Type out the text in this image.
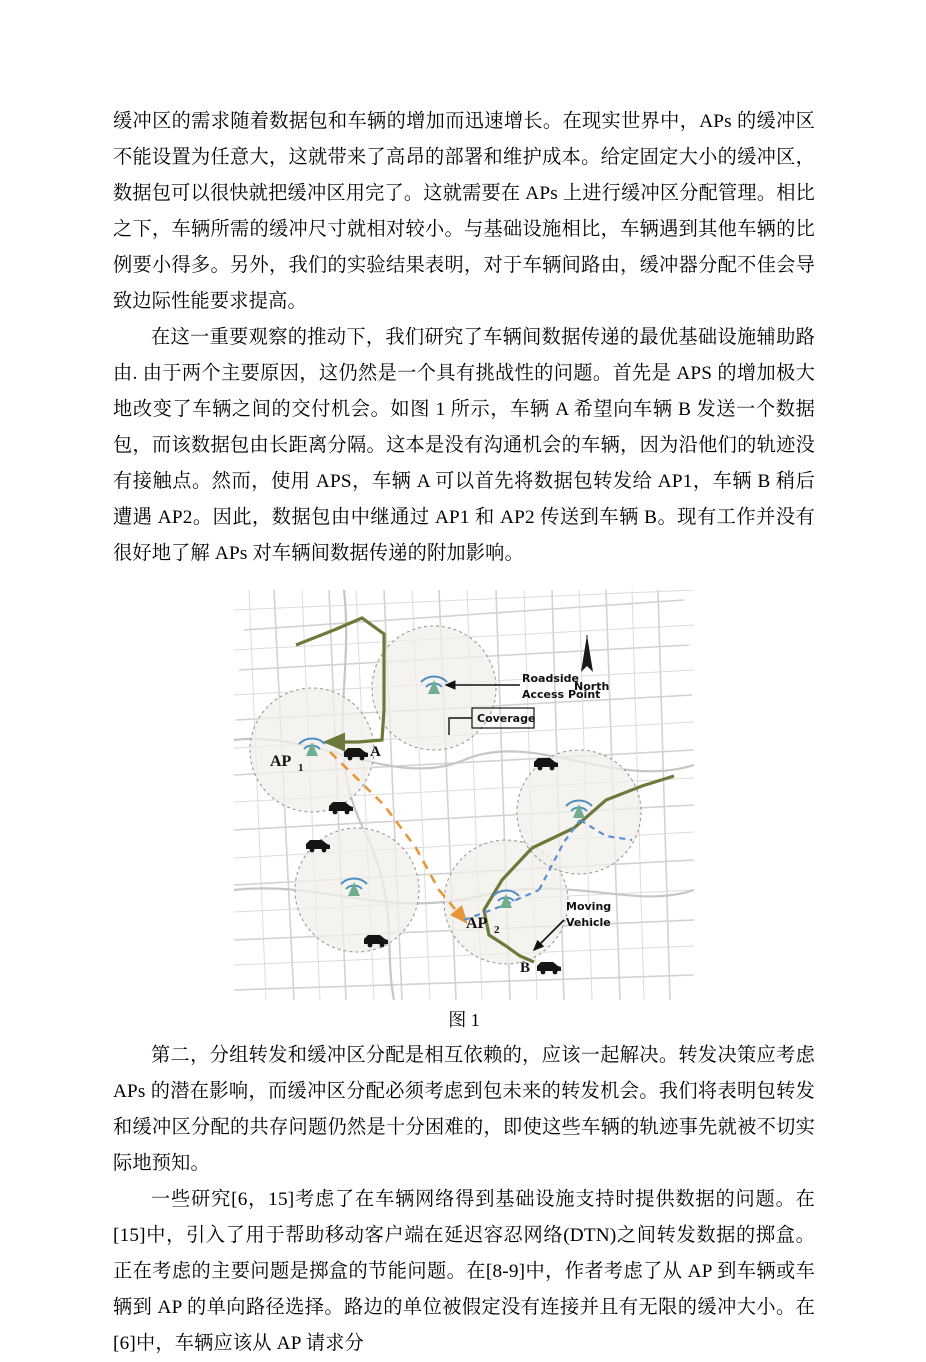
缓冲区的需求随着数据包和车辆的增加而迅速增长。在现实世界中，APs 的缓冲区不能设置为任意大，这就带来了高昂的部署和维护成本。给定固定大小的缓冲区，数据包可以很快就把缓冲区用完了。这就需要在 APs 上进行缓冲区分配管理。相比之下，车辆所需的缓冲尺寸就相对较小。与基础设施相比，车辆遇到其他车辆的比例要小得多。另外，我们的实验结果表明，对于车辆间路由，缓冲器分配不佳会导致边际性能要求提高。

在这一重要观察的推动下，我们研究了车辆间数据传递的最优基础设施辅助路由. 由于两个主要原因，这仍然是一个具有挑战性的问题。首先是 APS 的增加极大地改变了车辆之间的交付机会。如图 1 所示，车辆 A 希望向车辆 B 发送一个数据包，而该数据包由长距离分隔。这本是没有沟通机会的车辆，因为沿他们的轨迹没有接触点。然而，使用 APS，车辆 A 可以首先将数据包转发给 AP1，车辆 B 稍后遭遇 AP2。因此，数据包由中继通过 AP1 和 AP2 传送到车辆 B。现有工作并没有很好地了解 APs 对车辆间数据传递的附加影响。

North
Roadside
Access Point
Coverage
Moving
Vehicle
AP 1
AP 2
A
B
图 1

第二，分组转发和缓冲区分配是相互依赖的，应该一起解决。转发决策应考虑 APs 的潜在影响，而缓冲区分配必须考虑到包未来的转发机会。我们将表明包转发和缓冲区分配的共存问题仍然是十分困难的，即使这些车辆的轨迹事先就被不切实际地预知。

一些研究[6，15]考虑了在车辆网络得到基础设施支持时提供数据的问题。在[15]中，引入了用于帮助移动客户端在延迟容忍网络(DTN)之间转发数据的掷盒。正在考虑的主要问题是掷盒的节能问题。在[8-9]中，作者考虑了从 AP 到车辆或车辆到 AP 的单向路径选择。路边的单位被假定没有连接并且有无限的缓冲大小。在[6]中，车辆应该从 AP 请求分
